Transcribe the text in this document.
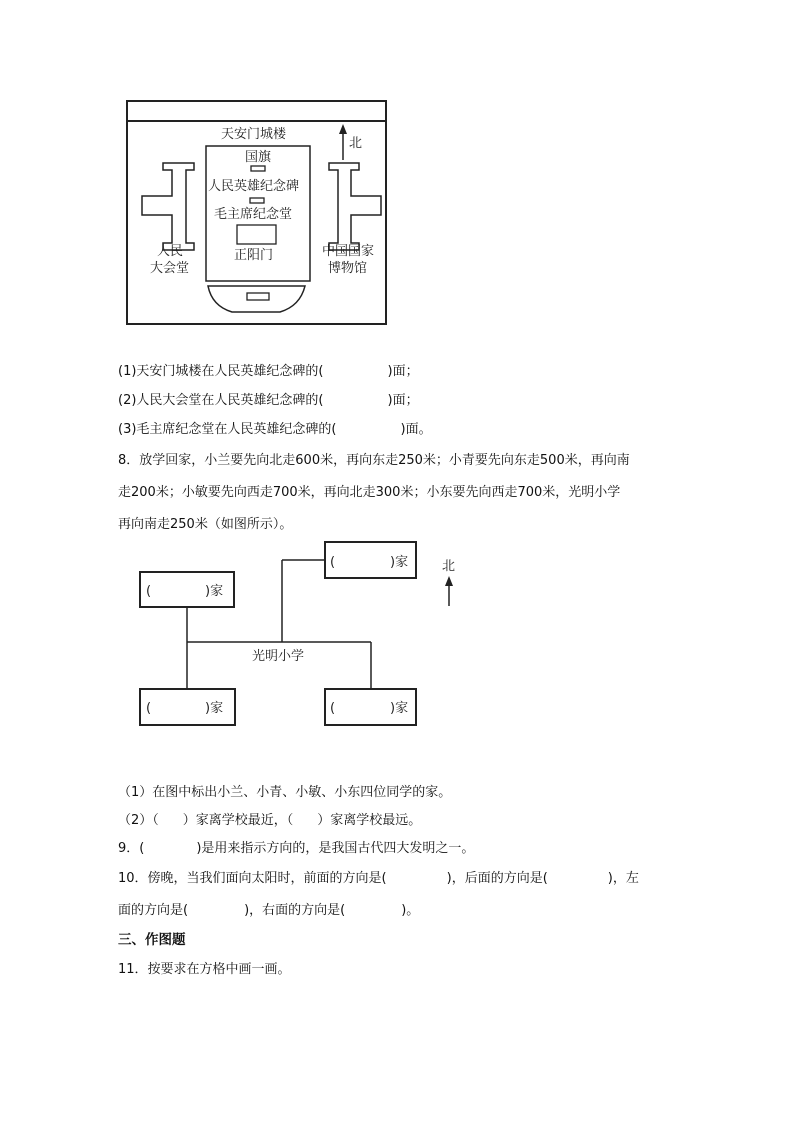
北
天安门城楼
国旗
人民英雄纪念碑
毛主席纪念堂
正阳门
人民
大会堂
中国国家
博物馆
(1)天安门城楼在人民英雄纪念碑的(	)面；
(2)人民大会堂在人民英雄纪念碑的(	)面；
(3)毛主席纪念堂在人民英雄纪念碑的(	)面。
8．放学回家，小兰要先向北走600米，再向东走250米；小青要先向东走500米，再向南
走200米；小敏要先向西走700米，再向北走300米；小东要先向西走700米，光明小学
再向南走250米（如图所示）。
(	)家
(	)家
(	)家	(	)家
光明小学
北
（1）在图中标出小兰、小青、小敏、小东四位同学的家。
（2）（ ）家离学校最近，（ ）家离学校最远。
9．(	)是用来指示方向的，是我国古代四大发明之一。
10．傍晚，当我们面向太阳时，前面的方向是(	)，后面的方向是(	)，左
面的方向是(	)，右面的方向是(	)。
三、作图题
11．按要求在方格中画一画。
